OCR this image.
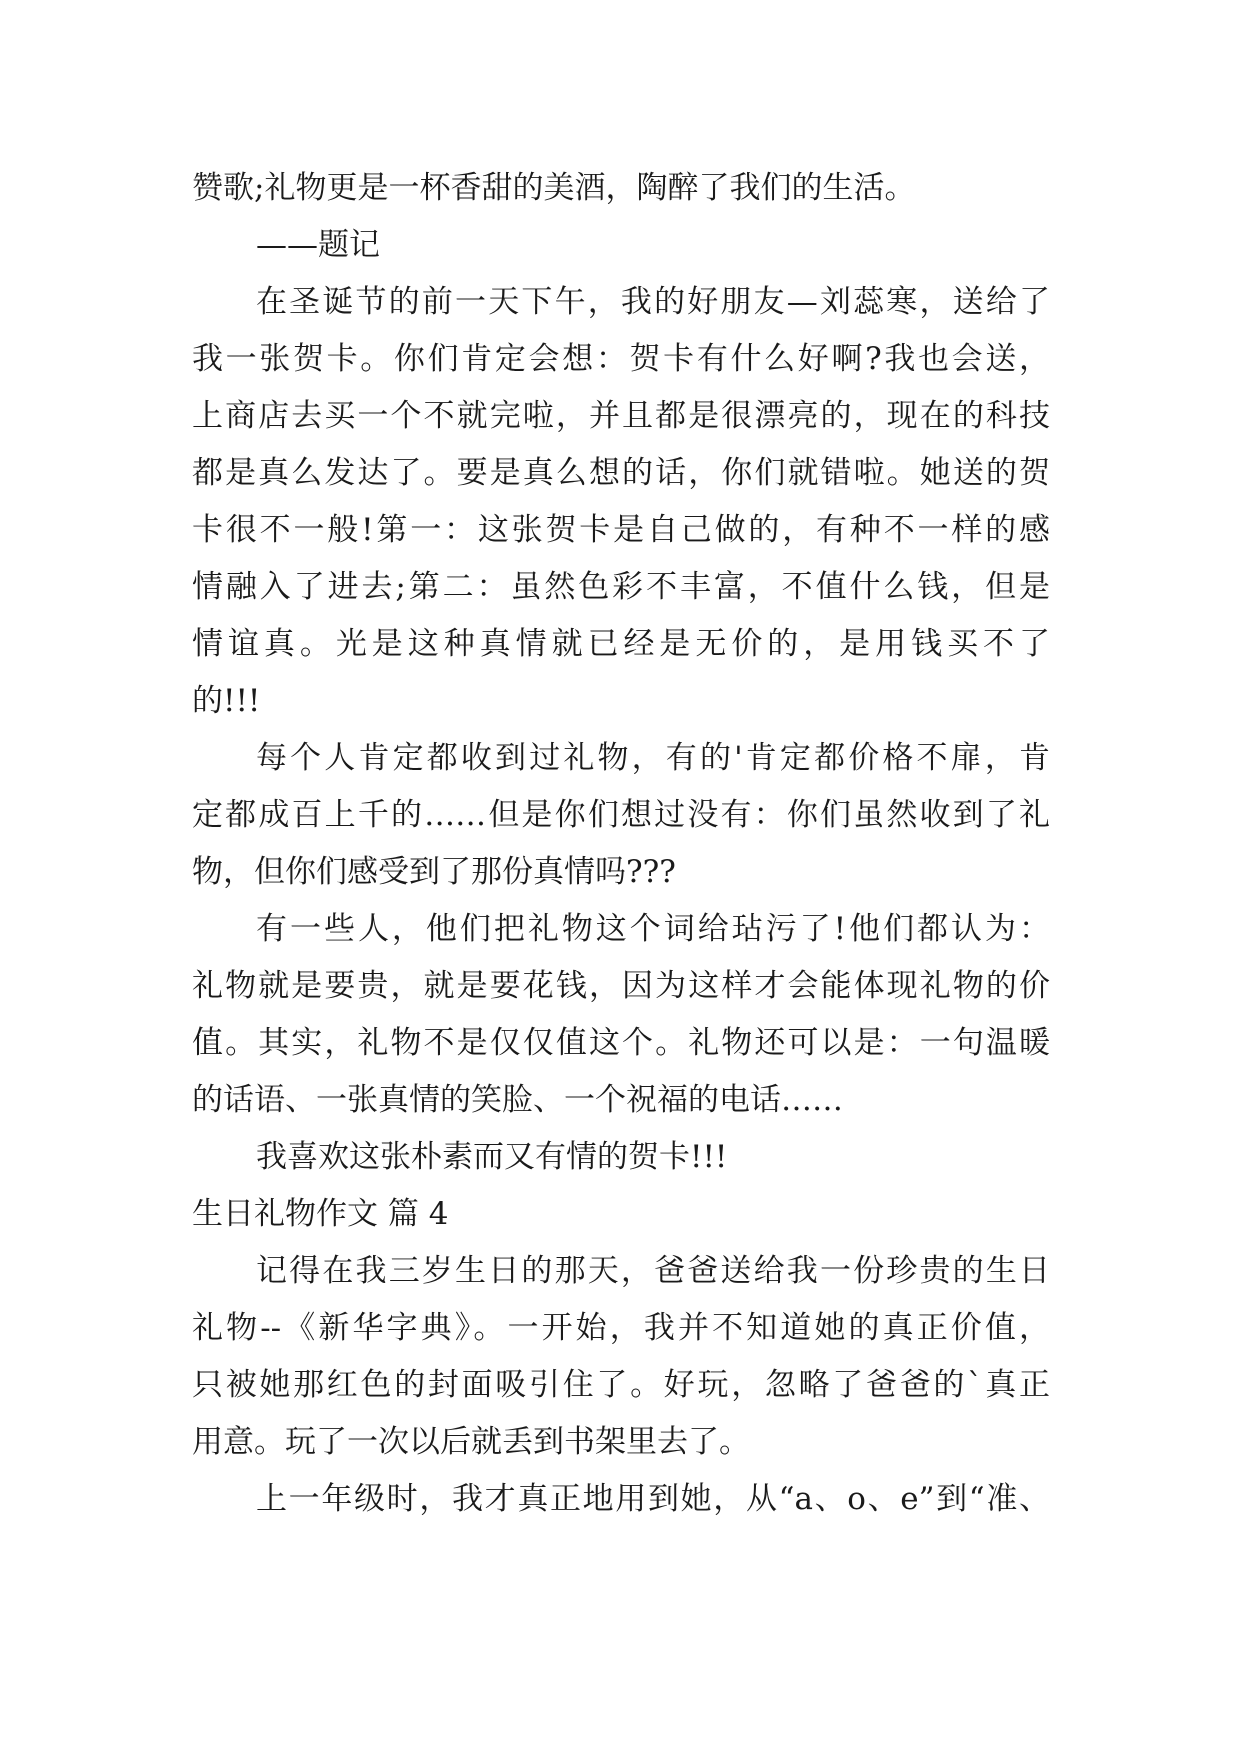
赞歌;礼物更是一杯香甜的美酒，陶醉了我们的生活。
——题记
在圣诞节的前一天下午，我的好朋友—刘蕊寒，送给了
我一张贺卡。你们肯定会想：贺卡有什么好啊?我也会送，
上商店去买一个不就完啦，并且都是很漂亮的，现在的科技
都是真么发达了。要是真么想的话，你们就错啦。她送的贺
卡很不一般!第一：这张贺卡是自己做的，有种不一样的感
情融入了进去;第二：虽然色彩不丰富，不值什么钱，但是
情谊真。光是这种真情就已经是无价的，是用钱买不了
的!!!
每个人肯定都收到过礼物，有的'肯定都价格不扉，肯
定都成百上千的……但是你们想过没有：你们虽然收到了礼
物，但你们感受到了那份真情吗???
有一些人，他们把礼物这个词给玷污了!他们都认为：
礼物就是要贵，就是要花钱，因为这样才会能体现礼物的价
值。其实，礼物不是仅仅值这个。礼物还可以是：一句温暖
的话语、一张真情的笑脸、一个祝福的电话……
我喜欢这张朴素而又有情的贺卡!!!
生日礼物作文 篇 4
记得在我三岁生日的那天，爸爸送给我一份珍贵的生日
礼物--《新华字典》。一开始，我并不知道她的真正价值，
只被她那红色的封面吸引住了。好玩，忽略了爸爸的`真正
用意。玩了一次以后就丢到书架里去了。
上一年级时，我才真正地用到她，从“a、o、e”到“准、
